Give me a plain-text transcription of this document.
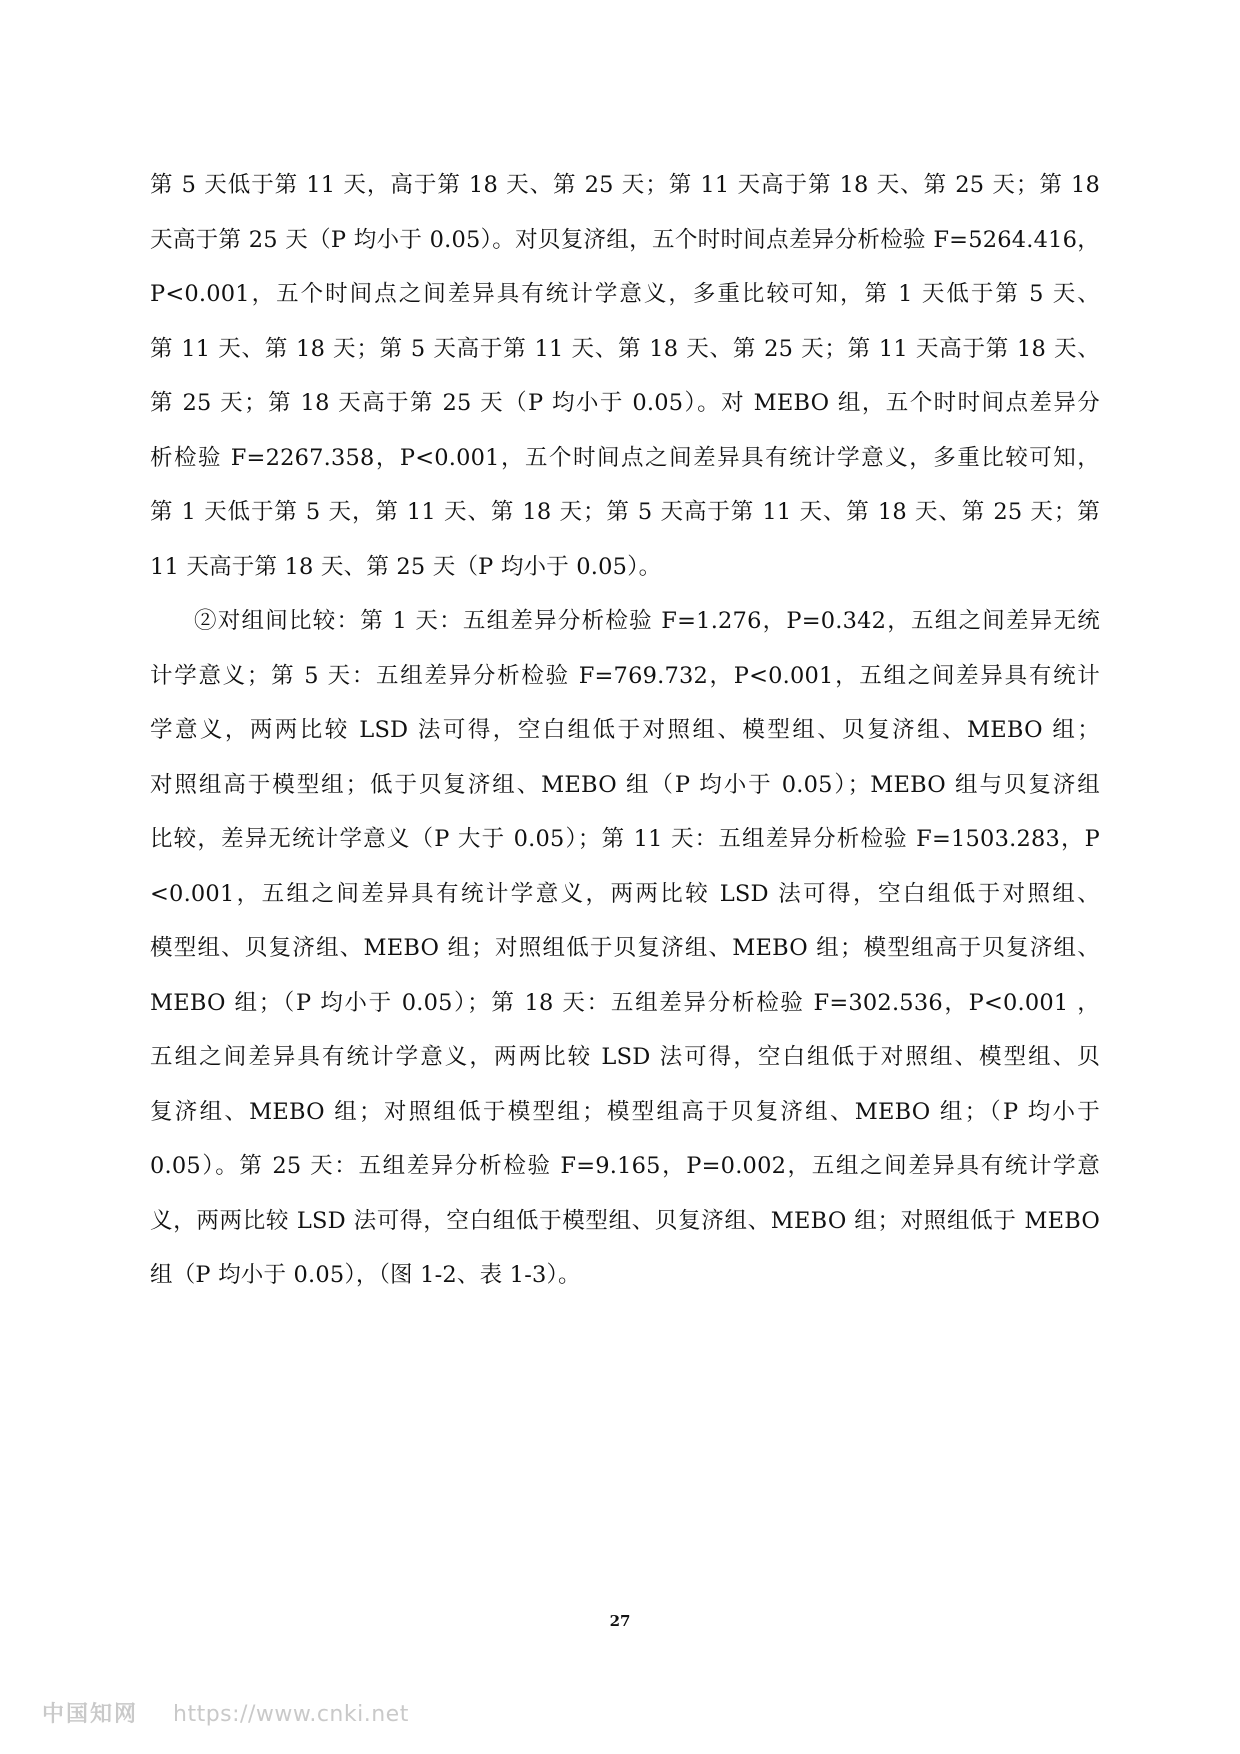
第 5 天低于第 11 天，高于第 18 天、第 25 天；第 11 天高于第 18 天、第 25 天；第 18
天高于第 25 天（P 均小于 0.05）。对贝复济组，五个时时间点差异分析检验 F=5264.416，
P<0.001，五个时间点之间差异具有统计学意义，多重比较可知，第 1 天低于第 5 天、
第 11 天、第 18 天；第 5 天高于第 11 天、第 18 天、第 25 天；第 11 天高于第 18 天、
第 25 天；第 18 天高于第 25 天（P 均小于 0.05）。对 MEBO 组，五个时时间点差异分
析检验 F=2267.358，P<0.001，五个时间点之间差异具有统计学意义，多重比较可知，
第 1 天低于第 5 天，第 11 天、第 18 天；第 5 天高于第 11 天、第 18 天、第 25 天；第
11 天高于第 18 天、第 25 天（P 均小于 0.05）。
②对组间比较：第 1 天：五组差异分析检验 F=1.276，P=0.342，五组之间差异无统
计学意义；第 5 天：五组差异分析检验 F=769.732，P<0.001，五组之间差异具有统计
学意义，两两比较 LSD 法可得，空白组低于对照组、模型组、贝复济组、MEBO 组；
对照组高于模型组；低于贝复济组、MEBO 组（P 均小于 0.05）；MEBO 组与贝复济组
比较，差异无统计学意义（P 大于 0.05）；第 11 天：五组差异分析检验 F=1503.283，P
<0.001，五组之间差异具有统计学意义，两两比较 LSD 法可得，空白组低于对照组、
模型组、贝复济组、MEBO 组；对照组低于贝复济组、MEBO 组；模型组高于贝复济组、
MEBO 组；（P 均小于 0.05）；第 18 天：五组差异分析检验 F=302.536，P<0.001 ，
五组之间差异具有统计学意义，两两比较 LSD 法可得，空白组低于对照组、模型组、贝
复济组、MEBO 组；对照组低于模型组；模型组高于贝复济组、MEBO 组；（P 均小于
0.05）。第 25 天：五组差异分析检验 F=9.165，P=0.002，五组之间差异具有统计学意
义，两两比较 LSD 法可得，空白组低于模型组、贝复济组、MEBO 组；对照组低于 MEBO
组（P 均小于 0.05），（图 1-2、表 1-3）。
27
中国知网 https://www.cnki.net
